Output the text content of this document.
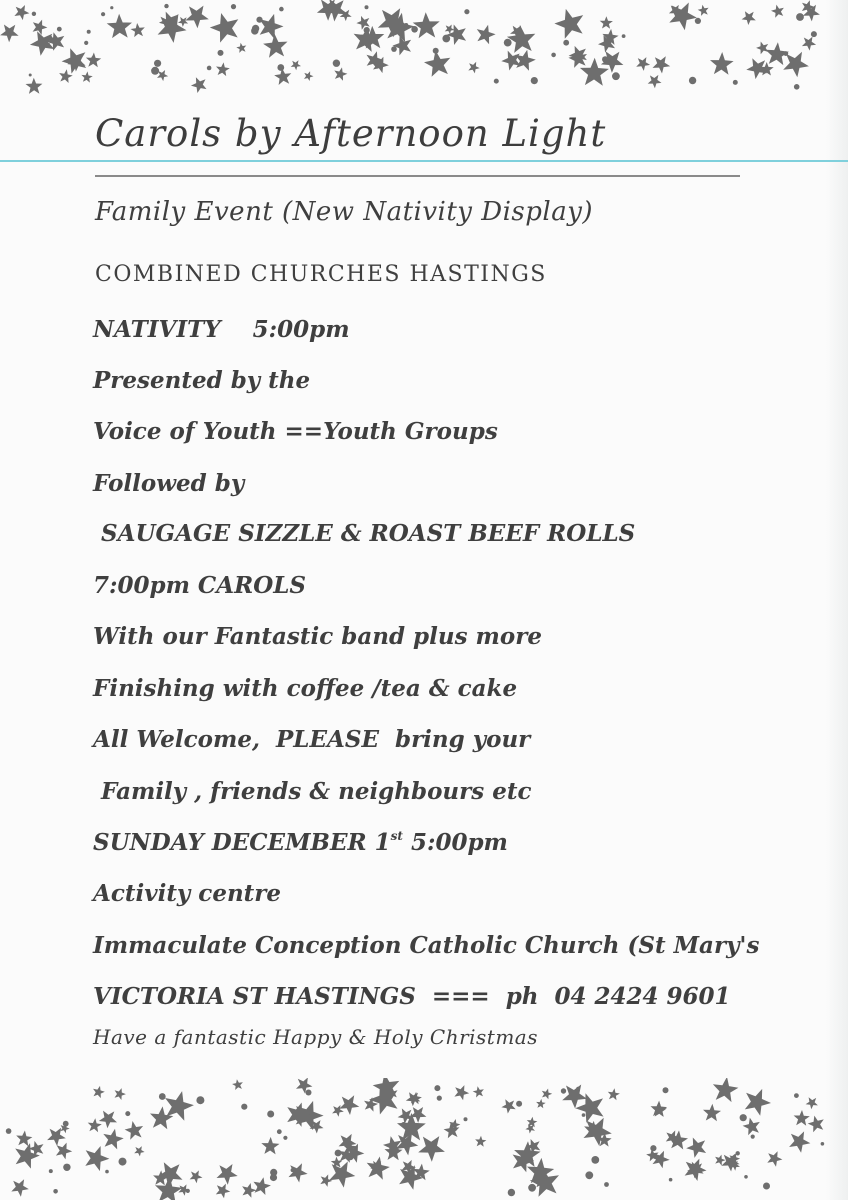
Carols by Afternoon Light
Family Event (New Nativity Display)
COMBINED CHURCHES HASTINGS
NATIVITY    5:00pm
Presented by the
Voice of Youth ==Youth Groups
Followed by
SAUGAGE SIZZLE & ROAST BEEF ROLLS
7:00pm CAROLS
With our Fantastic band plus more
Finishing with coffee /tea & cake
All Welcome,  PLEASE  bring your
Family , friends & neighbours etc
SUNDAY DECEMBER 1st 5:00pm
Activity centre
Immaculate Conception Catholic Church (St Mary's
VICTORIA ST HASTINGS  ===  ph  04 2424 9601
Have a fantastic Happy & Holy Christmas
